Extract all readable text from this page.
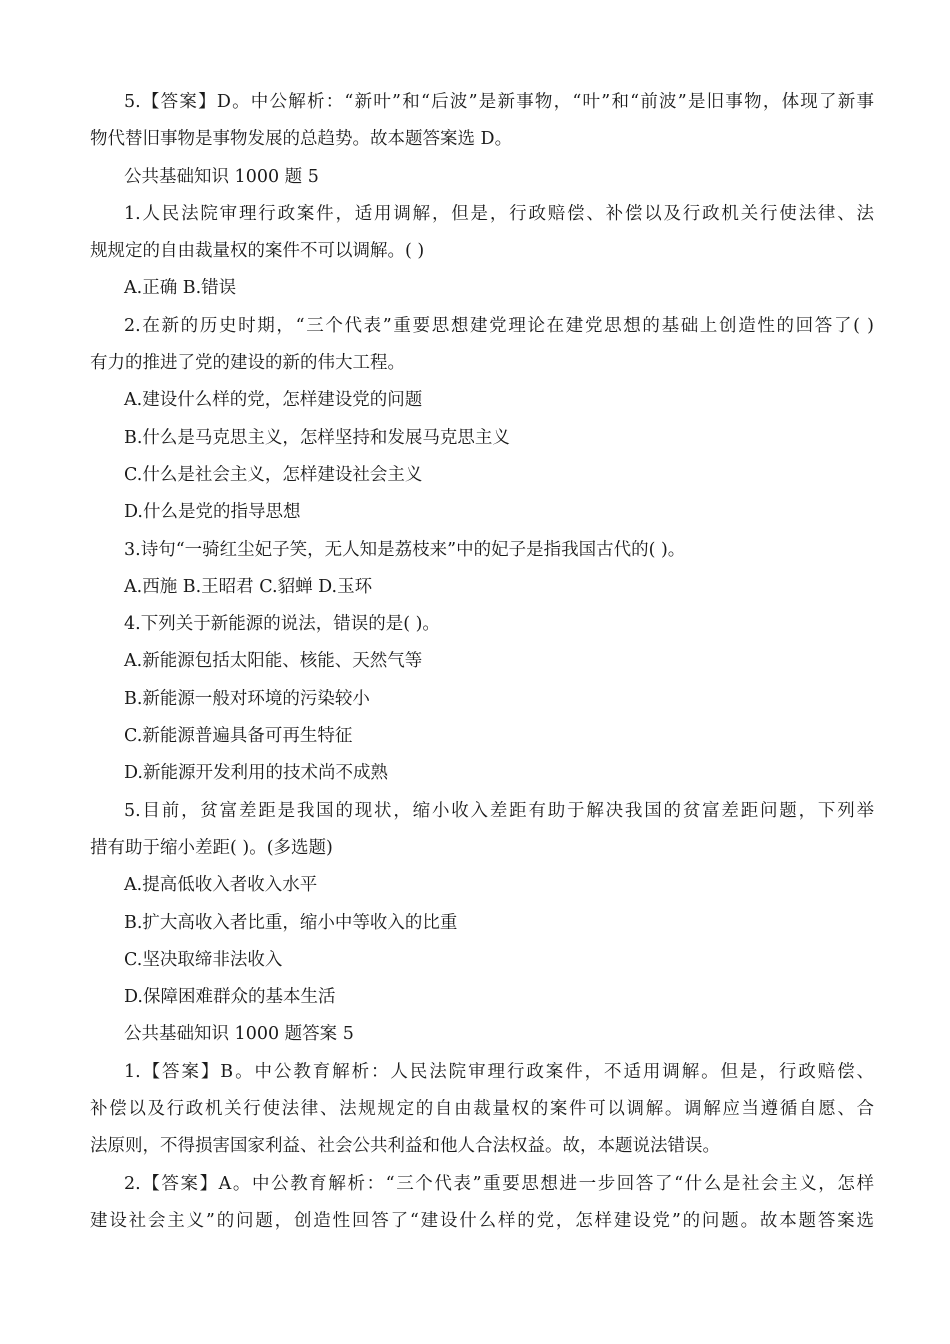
5.【答案】D。中公解析：“新叶”和“后波”是新事物，“叶”和“前波”是旧事物，体现了新事
物代替旧事物是事物发展的总趋势。故本题答案选 D。
公共基础知识 1000 题 5
1.人民法院审理行政案件，适用调解，但是，行政赔偿、补偿以及行政机关行使法律、法
规规定的自由裁量权的案件不可以调解。( )
A.正确 B.错误
2.在新的历史时期，“三个代表”重要思想建党理论在建党思想的基础上创造性的回答了( )
有力的推进了党的建设的新的伟大工程。
A.建设什么样的党，怎样建设党的问题
B.什么是马克思主义，怎样坚持和发展马克思主义
C.什么是社会主义，怎样建设社会主义
D.什么是党的指导思想
3.诗句“一骑红尘妃子笑，无人知是荔枝来”中的妃子是指我国古代的( )。
A.西施 B.王昭君 C.貂蝉 D.玉环
4.下列关于新能源的说法，错误的是( )。
A.新能源包括太阳能、核能、天然气等
B.新能源一般对环境的污染较小
C.新能源普遍具备可再生特征
D.新能源开发利用的技术尚不成熟
5.目前，贫富差距是我国的现状，缩小收入差距有助于解决我国的贫富差距问题，下列举
措有助于缩小差距( )。(多选题)
A.提高低收入者收入水平
B.扩大高收入者比重，缩小中等收入的比重
C.坚决取缔非法收入
D.保障困难群众的基本生活
公共基础知识 1000 题答案 5
1.【答案】B。中公教育解析：人民法院审理行政案件，不适用调解。但是，行政赔偿、
补偿以及行政机关行使法律、法规规定的自由裁量权的案件可以调解。调解应当遵循自愿、合
法原则，不得损害国家利益、社会公共利益和他人合法权益。故，本题说法错误。
2.【答案】A。中公教育解析：“三个代表”重要思想进一步回答了“什么是社会主义，怎样
建设社会主义”的问题，创造性回答了“建设什么样的党，怎样建设党”的问题。故本题答案选
